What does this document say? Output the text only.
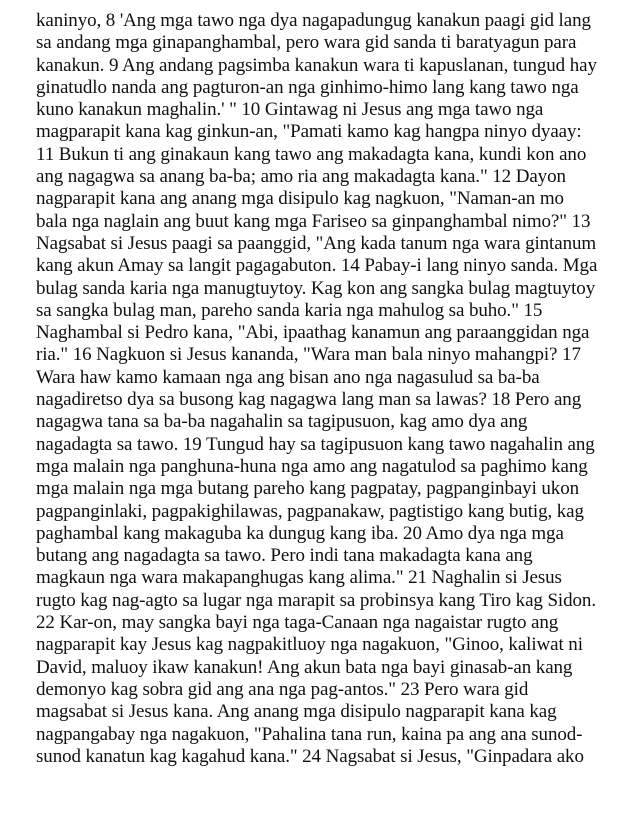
kaninyo, 8 'Ang mga tawo nga dya nagapadungug kanakun paagi gid lang
sa andang mga ginapanghambal, pero wara gid sanda ti baratyagun para
kanakun. 9 Ang andang pagsimba kanakun wara ti kapuslanan, tungud hay
ginatudlo nanda ang pagturon-an nga ginhimo-himo lang kang tawo nga
kuno kanakun maghalin.' " 10 Gintawag ni Jesus ang mga tawo nga
magparapit kana kag ginkun-an, "Pamati kamo kag hangpa ninyo dyaay:
11 Bukun ti ang ginakaun kang tawo ang makadagta kana, kundi kon ano
ang nagagwa sa anang ba-ba; amo ria ang makadagta kana." 12 Dayon
nagparapit kana ang anang mga disipulo kag nagkuon, "Naman-an mo
bala nga naglain ang buut kang mga Fariseo sa ginpanghambal nimo?" 13
Nagsabat si Jesus paagi sa paanggid, "Ang kada tanum nga wara gintanum
kang akun Amay sa langit pagagabuton. 14 Pabay-i lang ninyo sanda. Mga
bulag sanda karia nga manugtuytoy. Kag kon ang sangka bulag magtuytoy
sa sangka bulag man, pareho sanda karia nga mahulog sa buho." 15
Naghambal si Pedro kana, "Abi, ipaathag kanamun ang paraanggidan nga
ria." 16 Nagkuon si Jesus kananda, "Wara man bala ninyo mahangpi? 17
Wara haw kamo kamaan nga ang bisan ano nga nagasulud sa ba-ba
nagadiretso dya sa busong kag nagagwa lang man sa lawas? 18 Pero ang
nagagwa tana sa ba-ba nagahalin sa tagipusuon, kag amo dya ang
nagadagta sa tawo. 19 Tungud hay sa tagipusuon kang tawo nagahalin ang
mga malain nga panghuna-huna nga amo ang nagatulod sa paghimo kang
mga malain nga mga butang pareho kang pagpatay, pagpanginbayi ukon
pagpanginlaki, pagpakighilawas, pagpanakaw, pagtistigo kang butig, kag
paghambal kang makaguba ka dungug kang iba. 20 Amo dya nga mga
butang ang nagadagta sa tawo. Pero indi tana makadagta kana ang
magkaun nga wara makapanghugas kang alima." 21 Naghalin si Jesus
rugto kag nag-agto sa lugar nga marapit sa probinsya kang Tiro kag Sidon.
22 Kar-on, may sangka bayi nga taga-Canaan nga nagaistar rugto ang
nagparapit kay Jesus kag nagpakitluoy nga nagakuon, "Ginoo, kaliwat ni
David, maluoy ikaw kanakun! Ang akun bata nga bayi ginasab-an kang
demonyo kag sobra gid ang ana nga pag-antos." 23 Pero wara gid
magsabat si Jesus kana. Ang anang mga disipulo nagparapit kana kag
nagpangabay nga nagakuon, "Pahalina tana run, kaina pa ang ana sunod-
sunod kanatun kag kagahud kana." 24 Nagsabat si Jesus, "Ginpadara ako
